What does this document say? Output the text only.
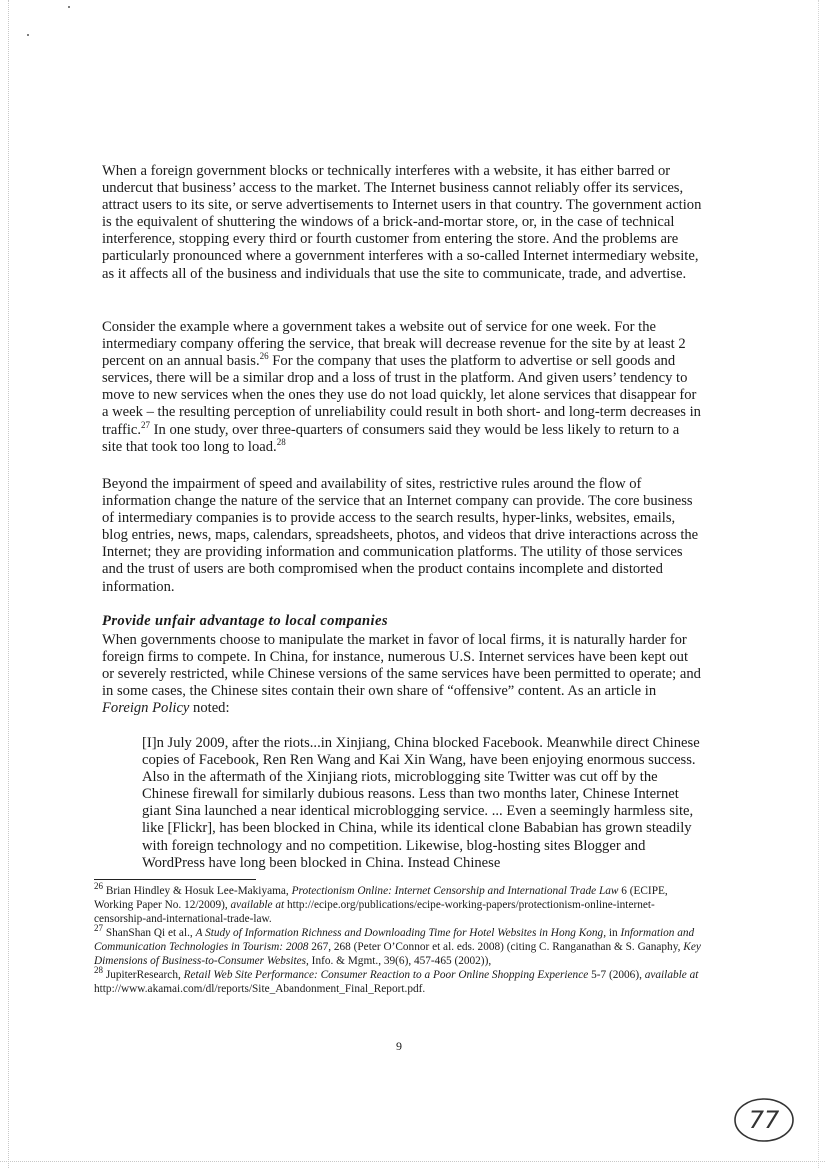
When a foreign government blocks or technically interferes with a website, it has either barred or undercut that business’ access to the market. The Internet business cannot reliably offer its services, attract users to its site, or serve advertisements to Internet users in that country. The government action is the equivalent of shuttering the windows of a brick-and-mortar store, or, in the case of technical interference, stopping every third or fourth customer from entering the store. And the problems are particularly pronounced where a government interferes with a so-called Internet intermediary website, as it affects all of the business and individuals that use the site to communicate, trade, and advertise.

Consider the example where a government takes a website out of service for one week. For the intermediary company offering the service, that break will decrease revenue for the site by at least 2 percent on an annual basis.$^{26}$ For the company that uses the platform to advertise or sell goods and services, there will be a similar drop and a loss of trust in the platform. And given users’ tendency to move to new services when the ones they use do not load quickly, let alone services that disappear for a week – the resulting perception of unreliability could result in both short- and long-term decreases in traffic.$^{27}$ In one study, over three-quarters of consumers said they would be less likely to return to a site that took too long to load.$^{28}$

Beyond the impairment of speed and availability of sites, restrictive rules around the flow of information change the nature of the service that an Internet company can provide. The core business of intermediary companies is to provide access to the search results, hyper-links, websites, emails, blog entries, news, maps, calendars, spreadsheets, photos, and videos that drive interactions across the Internet; they are providing information and communication platforms. The utility of those services and the trust of users are both compromised when the product contains incomplete and distorted information.

Provide unfair advantage to local companies

When governments choose to manipulate the market in favor of local firms, it is naturally harder for foreign firms to compete. In China, for instance, numerous U.S. Internet services have been kept out or severely restricted, while Chinese versions of the same services have been permitted to operate; and in some cases, the Chinese sites contain their own share of “offensive” content. As an article in Foreign Policy noted:

[I]n July 2009, after the riots...in Xinjiang, China blocked Facebook. Meanwhile direct Chinese copies of Facebook, Ren Ren Wang and Kai Xin Wang, have been enjoying enormous success. Also in the aftermath of the Xinjiang riots, microblogging site Twitter was cut off by the Chinese firewall for similarly dubious reasons. Less than two months later, Chinese Internet giant Sina launched a near identical microblogging service. ... Even a seemingly harmless site, like [Flickr], has been blocked in China, while its identical clone Bababian has grown steadily with foreign technology and no competition. Likewise, blog-hosting sites Blogger and WordPress have long been blocked in China. Instead Chinese

$^{26}$ Brian Hindley & Hosuk Lee-Makiyama, Protectionism Online: Internet Censorship and International Trade Law 6 (ECIPE, Working Paper No. 12/2009), available at http://ecipe.org/publications/ecipe-working-papers/protectionism-online-internet-censorship-and-international-trade-law.

$^{27}$ ShanShan Qi et al., A Study of Information Richness and Downloading Time for Hotel Websites in Hong Kong, in Information and Communication Technologies in Tourism: 2008 267, 268 (Peter O’Connor et al. eds. 2008) (citing C. Ranganathan & S. Ganaphy, Key Dimensions of Business-to-Consumer Websites, Info. & Mgmt., 39(6), 457-465 (2002)),

$^{28}$ JupiterResearch, Retail Web Site Performance: Consumer Reaction to a Poor Online Shopping Experience 5-7 (2006), available at http://www.akamai.com/dl/reports/Site_Abandonment_Final_Report.pdf.

9
77
